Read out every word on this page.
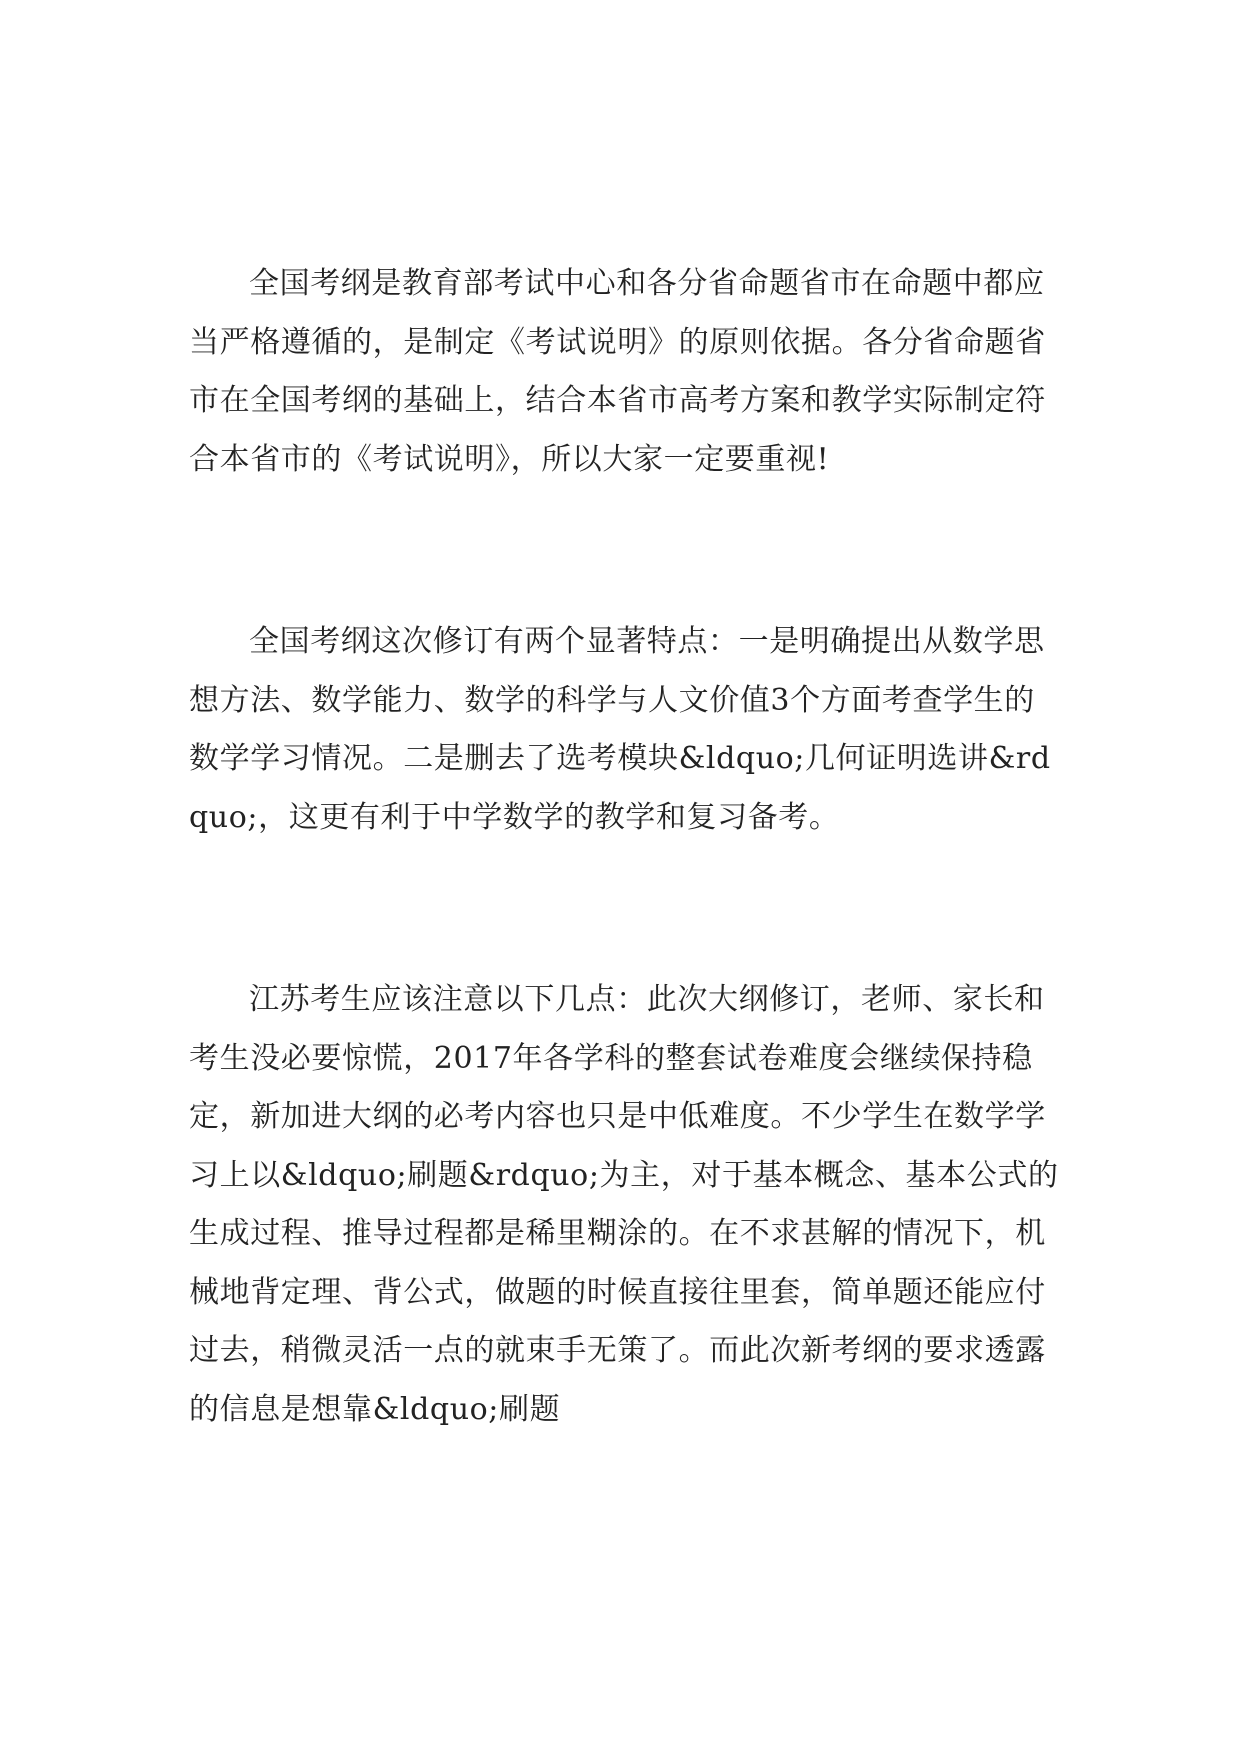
全国考纲是教育部考试中心和各分省命题省市在命题中都应当严格遵循的，是制定《考试说明》的原则依据。各分省命题省市在全国考纲的基础上，结合本省市高考方案和教学实际制定符合本省市的《考试说明》，所以大家一定要重视!

全国考纲这次修订有两个显著特点：一是明确提出从数学思想方法、数学能力、数学的科学与人文价值3个方面考查学生的数学学习情况。二是删去了选考模块&ldquo;几何证明选讲&rdquo;，这更有利于中学数学的教学和复习备考。

江苏考生应该注意以下几点：此次大纲修订，老师、家长和考生没必要惊慌，2017年各学科的整套试卷难度会继续保持稳定，新加进大纲的必考内容也只是中低难度。不少学生在数学学习上以&ldquo;刷题&rdquo;为主，对于基本概念、基本公式的生成过程、推导过程都是稀里糊涂的。在不求甚解的情况下，机械地背定理、背公式，做题的时候直接往里套，简单题还能应付过去，稍微灵活一点的就束手无策了。而此次新考纲的要求透露的信息是想靠&ldquo;刷题
